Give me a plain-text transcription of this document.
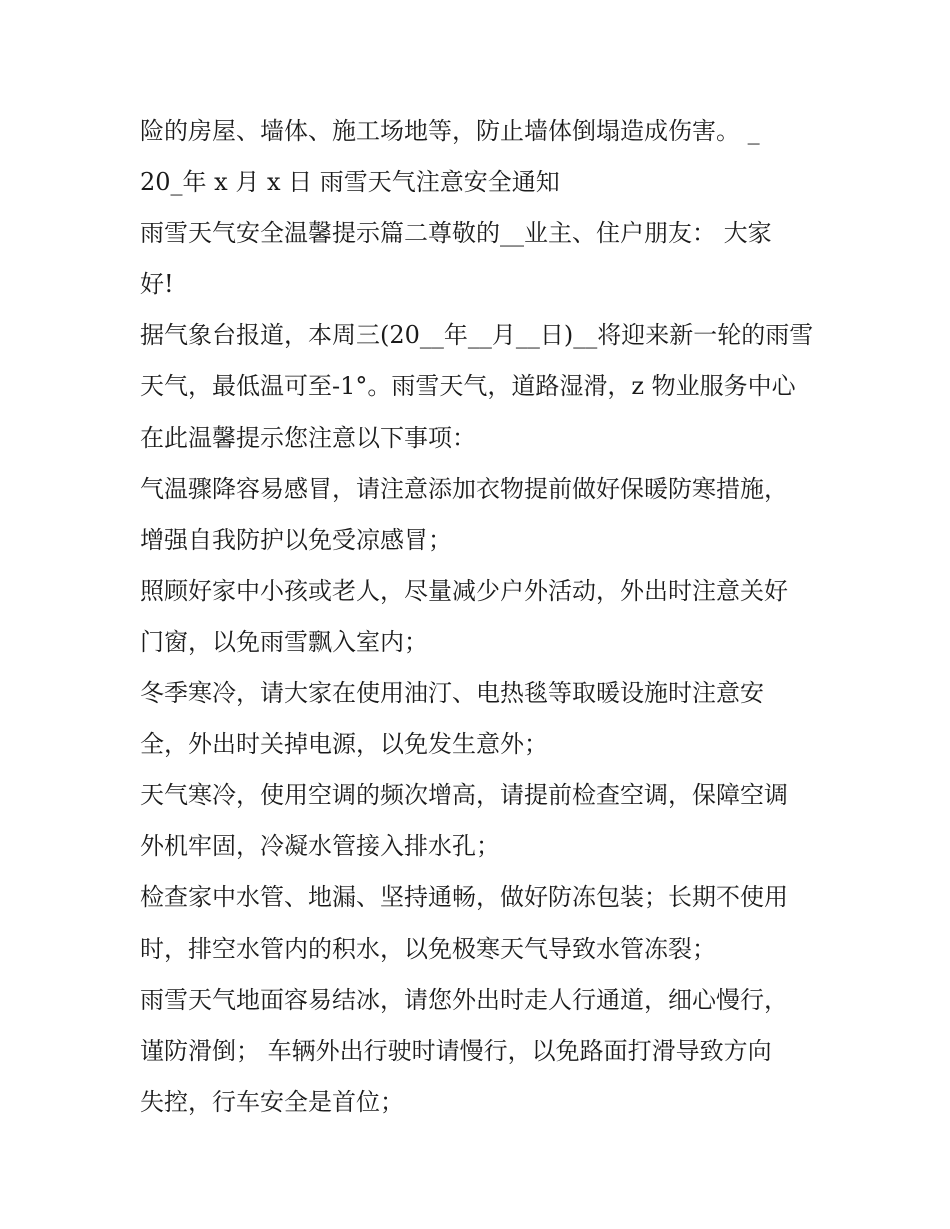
险的房屋、墙体、施工场地等，防止墙体倒塌造成伤害。 _
20_年 x 月 x 日 雨雪天气注意安全通知
雨雪天气安全温馨提示篇二尊敬的__业主、住户朋友： 大家
好!
据气象台报道，本周三(20__年__月__日)__将迎来新一轮的雨雪
天气，最低温可至-1°。雨雪天气，道路湿滑，z 物业服务中心
在此温馨提示您注意以下事项：
气温骤降容易感冒，请注意添加衣物提前做好保暖防寒措施，
增强自我防护以免受凉感冒；
照顾好家中小孩或老人，尽量减少户外活动，外出时注意关好
门窗，以免雨雪飘入室内；
冬季寒冷，请大家在使用油汀、电热毯等取暖设施时注意安
全，外出时关掉电源，以免发生意外；
天气寒冷，使用空调的频次增高，请提前检查空调，保障空调
外机牢固，冷凝水管接入排水孔；
检查家中水管、地漏、坚持通畅，做好防冻包装；长期不使用
时，排空水管内的积水，以免极寒天气导致水管冻裂；
雨雪天气地面容易结冰，请您外出时走人行通道，细心慢行，
谨防滑倒； 车辆外出行驶时请慢行，以免路面打滑导致方向
失控，行车安全是首位；
